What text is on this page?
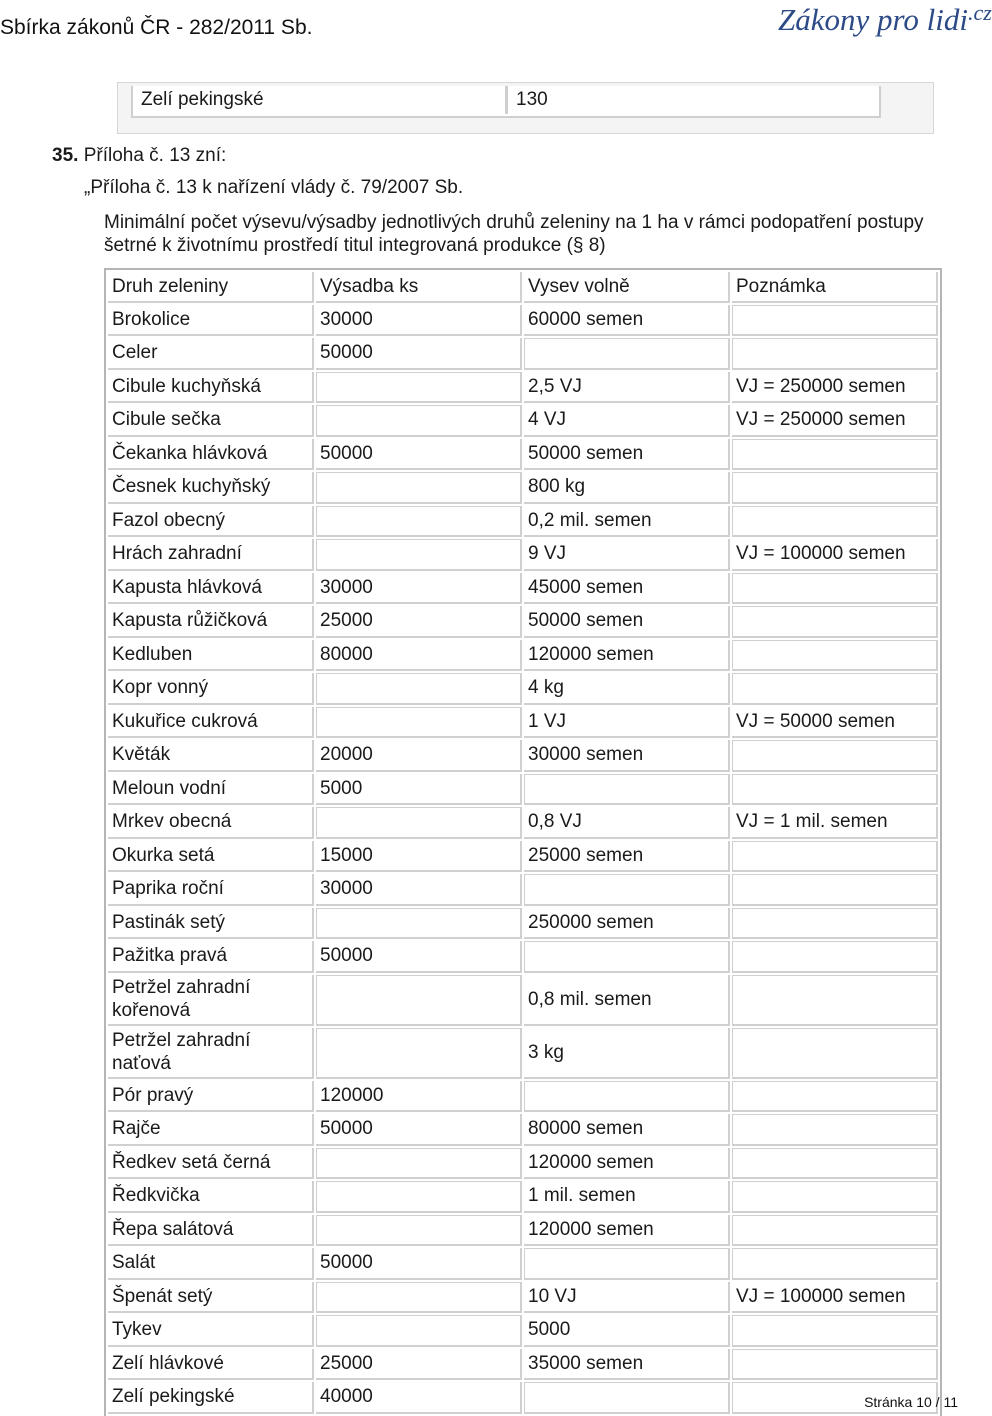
Sbírka zákonů ČR - 282/2011 Sb.	Zákony pro lidi$^{.cz}$
Zelí pekingské	130
35. Příloha č. 13 zní:
„Příloha č. 13 k nařízení vlády č. 79/2007 Sb.
Minimální počet výsevu/výsadby jednotlivých druhů zeleniny na 1 ha v rámci podopatření postupy šetrné k životnímu prostředí titul integrovaná produkce (§ 8)
Druh zeleniny	Výsadba ks	Vysev volně	Poznámka
Brokolice	30000	60000 semen	
Celer	50000		
Cibule kuchyňská		2,5 VJ	VJ = 250000 semen
Cibule sečka		4 VJ	VJ = 250000 semen
Čekanka hlávková	50000	50000 semen	
Česnek kuchyňský		800 kg	
Fazol obecný		0,2 mil. semen	
Hrách zahradní		9 VJ	VJ = 100000 semen
Kapusta hlávková	30000	45000 semen	
Kapusta růžičková	25000	50000 semen	
Kedluben	80000	120000 semen	
Kopr vonný		4 kg	
Kukuřice cukrová		1 VJ	VJ = 50000 semen
Květák	20000	30000 semen	
Meloun vodní	5000		
Mrkev obecná		0,8 VJ	VJ = 1 mil. semen
Okurka setá	15000	25000 semen	
Paprika roční	30000		
Pastinák setý		250000 semen	
Pažitka pravá	50000		
Petržel zahradní kořenová		0,8 mil. semen	
Petržel zahradní naťová		3 kg	
Pór pravý	120000		
Rajče	50000	80000 semen	
Ředkev setá černá		120000 semen	
Ředkvička		1 mil. semen	
Řepa salátová		120000 semen	
Salát	50000		
Špenát setý		10 VJ	VJ = 100000 semen
Tykev		5000	
Zelí hlávkové	25000	35000 semen	
Zelí pekingské	40000			Stránka 10 / 11
